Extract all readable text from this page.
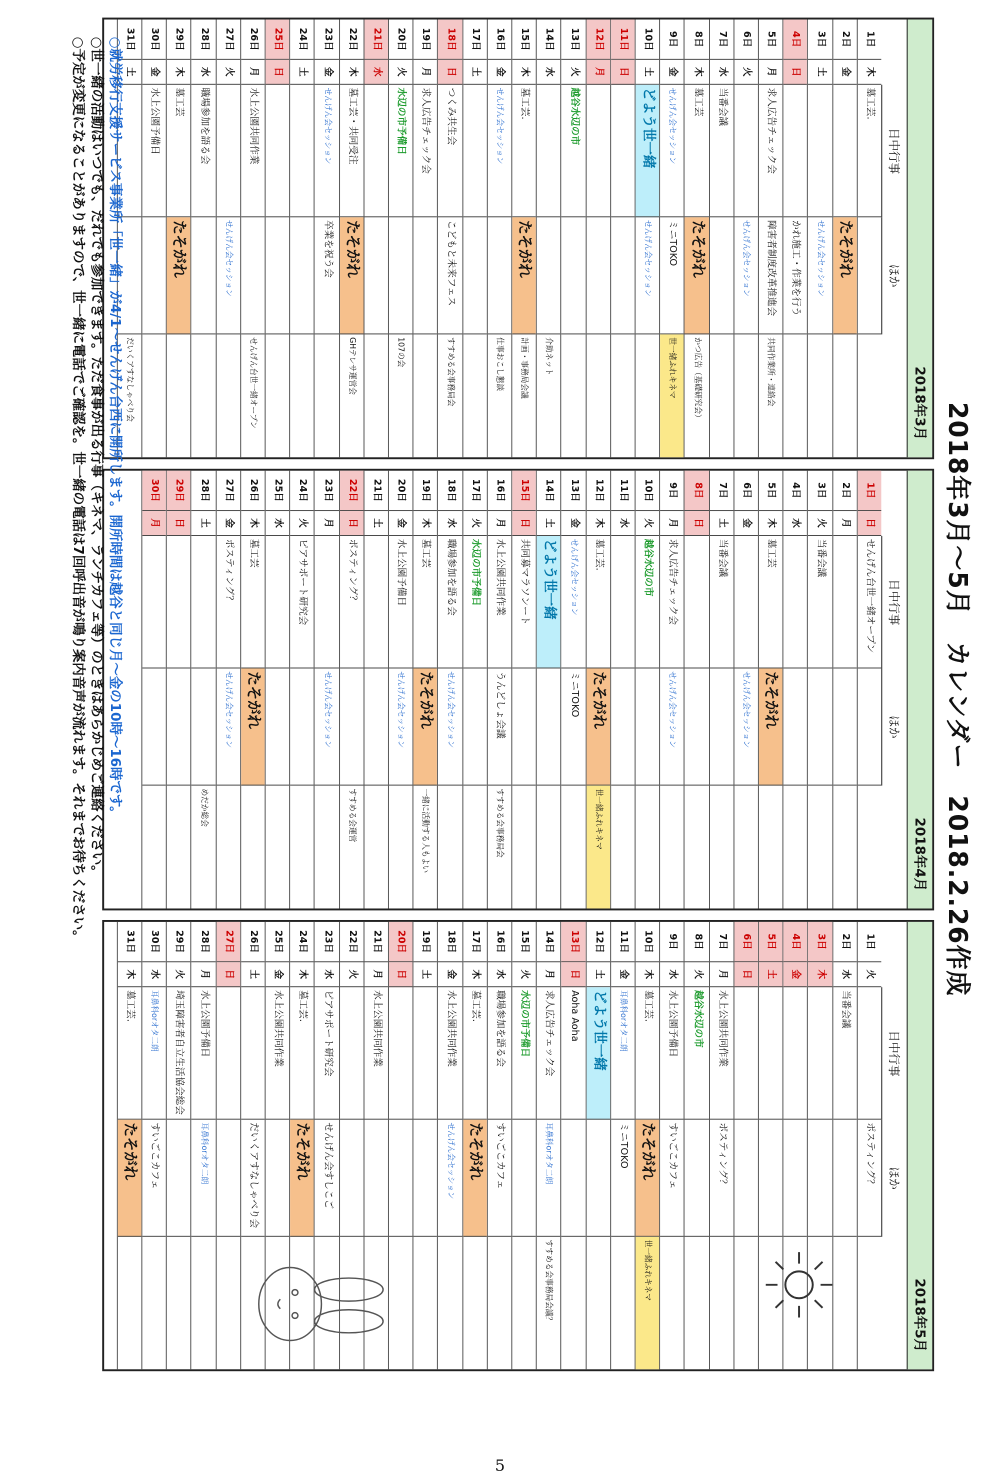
2018年3月～5月　カレンダー　2018.2.26作成
2018年3月
日中行事
ほか
1日
木
墓工芸.
2日
金
たそがれ
3日
土
せんげん会セッション
4日
日
かれ施工・作業を行う
5日
月
求人広告チェック会
障害者制度改革推進会
共同作業所・連絡会
6日
火
せんげん会セッション
7日
水
当番会議
8日
木
墓工芸
たそがれ
かつ広告（基礎研究会）
9日
金
せんげん会セッション
ミニTOKO
世一緒ふれキネマ
10日
土
どよう世一緒
せんげん会セッション
11日
日
12日
月
13日
火
越谷水辺の市
14日
水
介助ネット
15日
木
墓工芸.
たそがれ
計画・事務局会議
16日
金
せんげん会セッション
仕事おこし懇談
17日
土
18日
日
つくみ共生会
こどもと未来フェス
すすめる会事務局会
19日
月
求人広告チェック会
20日
火
水辺の市予備日
107の会
21日
水
22日
木
墓工芸・共同受注
たそがれ
GHテレサ運営会
23日
金
せんげん会セッション
卒業を祝う会
24日
土
25日
日
26日
月
水上公園共同作業
せんげん台世一緒オープン
27日
火
せんげん会セッション
28日
水
職場参加を語る会
29日
木
墓工芸
たそがれ
30日
金
水上公園予備日
31日
土
だいくアすなしゃべり会
2018年4月
日中行事
ほか
1日
日
せんげん台世一緒オープン
2日
月
3日
火
当番会議
4日
水
5日
木
墓工芸
たそがれ
6日
金
せんげん会セッション
7日
土
当番会議
8日
日
9日
月
求人広告チェック会
せんげん会セッション
10日
火
越谷水辺の市
11日
水
12日
木
墓工芸.
たそがれ
世一緒ふれキネマ
13日
金
せんげん会セッション
ミニTOKO
14日
土
どよう世一緒
15日
日
共同募マラソンート
16日
月
水上公園共同作業
うんどしょ会議
すすめる会事務局会
17日
火
水辺の市予備日
18日
水
職場参加を語る会
せんげん会セッション
19日
木
墓工芸
たそがれ
一緒に活動する人もよい
20日
金
水上公園予備日
せんげん会セッション
21日
土
22日
日
ポスティング？
すすめる会運営
23日
月
せんげん会セッション
24日
火
ピアサポート研究会
25日
水
26日
木
墓工芸
たそがれ
27日
金
ポスティング？
せんげん会セッション
28日
土
めだか総会
29日
日
30日
月
2018年5月
日中行事
ほか
1日
火
ポスティング？
2日
水
当番会議
3日
木
4日
金
5日
土
6日
日
7日
月
水上公園共同作業
ポスティング？
8日
火
越谷水辺の市
9日
水
水上公園予備日
すいごこカフェ
10日
木
墓工芸.
たそがれ
世一緒ふれキネマ
11日
金
耳鼻科orオタ二朗
ミニTOKO
12日
土
どよう世一緒
13日
日
Aoha Aoha
14日
月
求人広告チェック会
耳鼻科orオタ二朗
すすめる会事務局会議？
15日
火
水辺の市予備日
16日
水
職場参加を語る会
すいごこカフェ
17日
木
墓工芸.
たそがれ
18日
金
水上公園共同作業
せんげん会セッション
19日
土
20日
日
21日
月
水上公園共同作業
22日
火
23日
水
ピアサポート研究会
せんげん会すしこご
24日
木
墓工芸.
たそがれ
25日
金
水上公園共同作業
26日
土
だいくアすなしゃべり会
27日
日
28日
月
水上公園予備日
耳鼻科orオタ二朗
29日
火
埼玉障害者自立生活協会総会
30日
水
耳鼻科orオタ二朗
すいごこカフェ
31日
木
墓工芸.
たそがれ
○就労移行支援サービス事業所「世一緒」が4/1～せんげん台西に開所します。開所時間は越谷と同じ月～金の10時～16時です。
○世一緒の活動はいつでも、だれでも参加できます。ただ食事が出る行事（キネマ、ランチカフェ等）のときはあらかじめご連絡ください。
○予定が変更になることがありますので、世一緒に電話でご確認を。世一緒の電話は7回呼出音が鳴り案内音声が流れます。それまでお待ちください。
5
